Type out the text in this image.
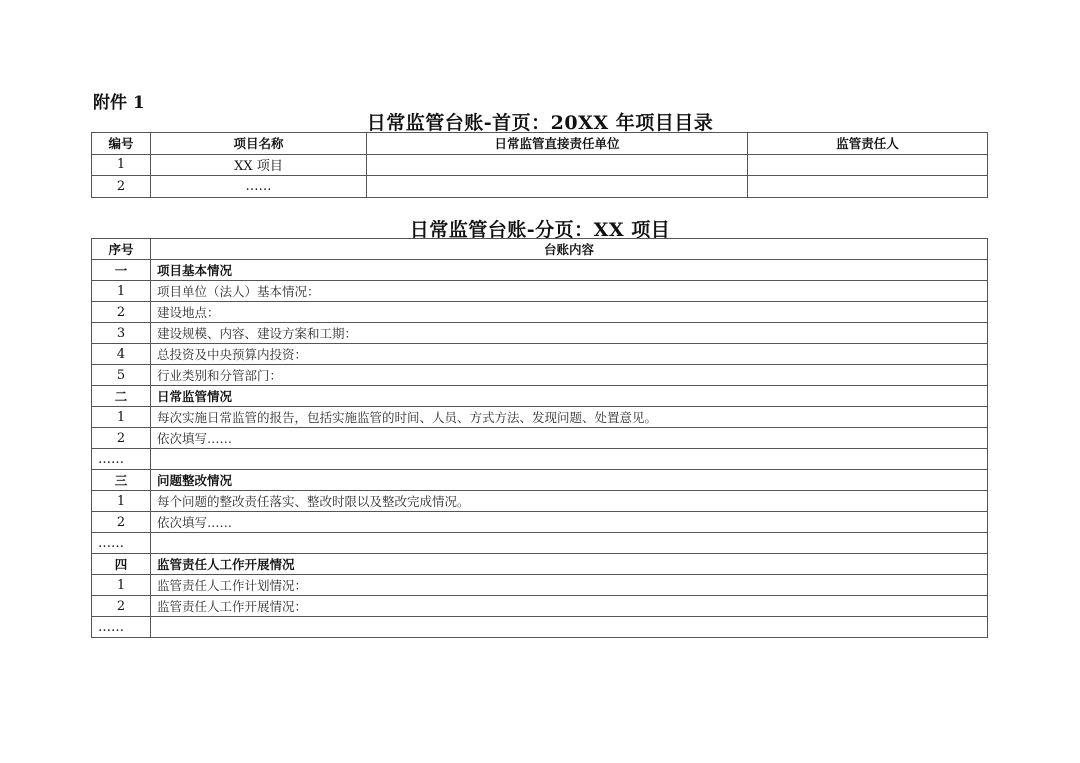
附件 1
日常监管台账-首页：20XX 年项目目录
编号	项目名称	日常监管直接责任单位	监管责任人
1	XX 项目		
2	……		
日常监管台账-分页：XX 项目
序号	台账内容
一	项目基本情况
1	项目单位（法人）基本情况：
2	建设地点：
3	建设规模、内容、建设方案和工期：
4	总投资及中央预算内投资：
5	行业类别和分管部门：
二	日常监管情况
1	每次实施日常监管的报告，包括实施监管的时间、人员、方式方法、发现问题、处置意见。
2	依次填写……
……	
三	问题整改情况
1	每个问题的整改责任落实、整改时限以及整改完成情况。
2	依次填写……
……	
四	监管责任人工作开展情况
1	监管责任人工作计划情况：
2	监管责任人工作开展情况：
……	
